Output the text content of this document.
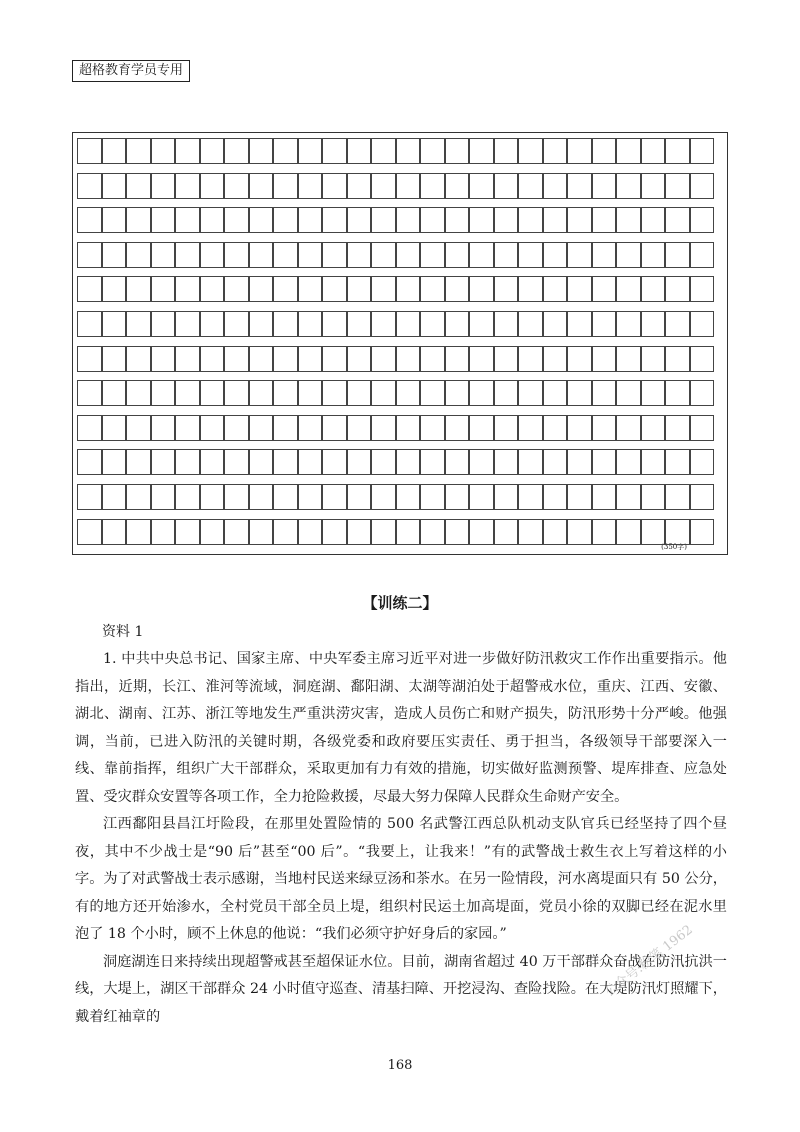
超格教育学员专用
(350字)
【训练二】
资料 1

1. 中共中央总书记、国家主席、中央军委主席习近平对进一步做好防汛救灾工作作出重要指示。他指出，近期，长江、淮河等流域，洞庭湖、鄱阳湖、太湖等湖泊处于超警戒水位，重庆、江西、安徽、湖北、湖南、江苏、浙江等地发生严重洪涝灾害，造成人员伤亡和财产损失，防汛形势十分严峻。他强调，当前，已进入防汛的关键时期，各级党委和政府要压实责任、勇于担当，各级领导干部要深入一线、靠前指挥，组织广大干部群众，采取更加有力有效的措施，切实做好监测预警、堤库排查、应急处置、受灾群众安置等各项工作，全力抢险救援，尽最大努力保障人民群众生命财产安全。

江西鄱阳县昌江圩险段，在那里处置险情的 500 名武警江西总队机动支队官兵已经坚持了四个昼夜，其中不少战士是“90 后”甚至“00 后”。“我要上，让我来！”有的武警战士救生衣上写着这样的小字。为了对武警战士表示感谢，当地村民送来绿豆汤和茶水。在另一险情段，河水离堤面只有 50 公分，有的地方还开始渗水，全村党员干部全员上堤，组织村民运土加高堤面，党员小徐的双脚已经在泥水里泡了 18 个小时，顾不上休息的他说：“我们必须守护好身后的家园。”

洞庭湖连日来持续出现超警戒甚至超保证水位。目前，湖南省超过 40 万干部群众奋战在防汛抗洪一线，大堤上，湖区干部群众 24 小时值守巡查、清基扫障、开挖浸沟、查险找险。在大堤防汛灯照耀下，戴着红袖章的

公众号:粉笔 1962
168
